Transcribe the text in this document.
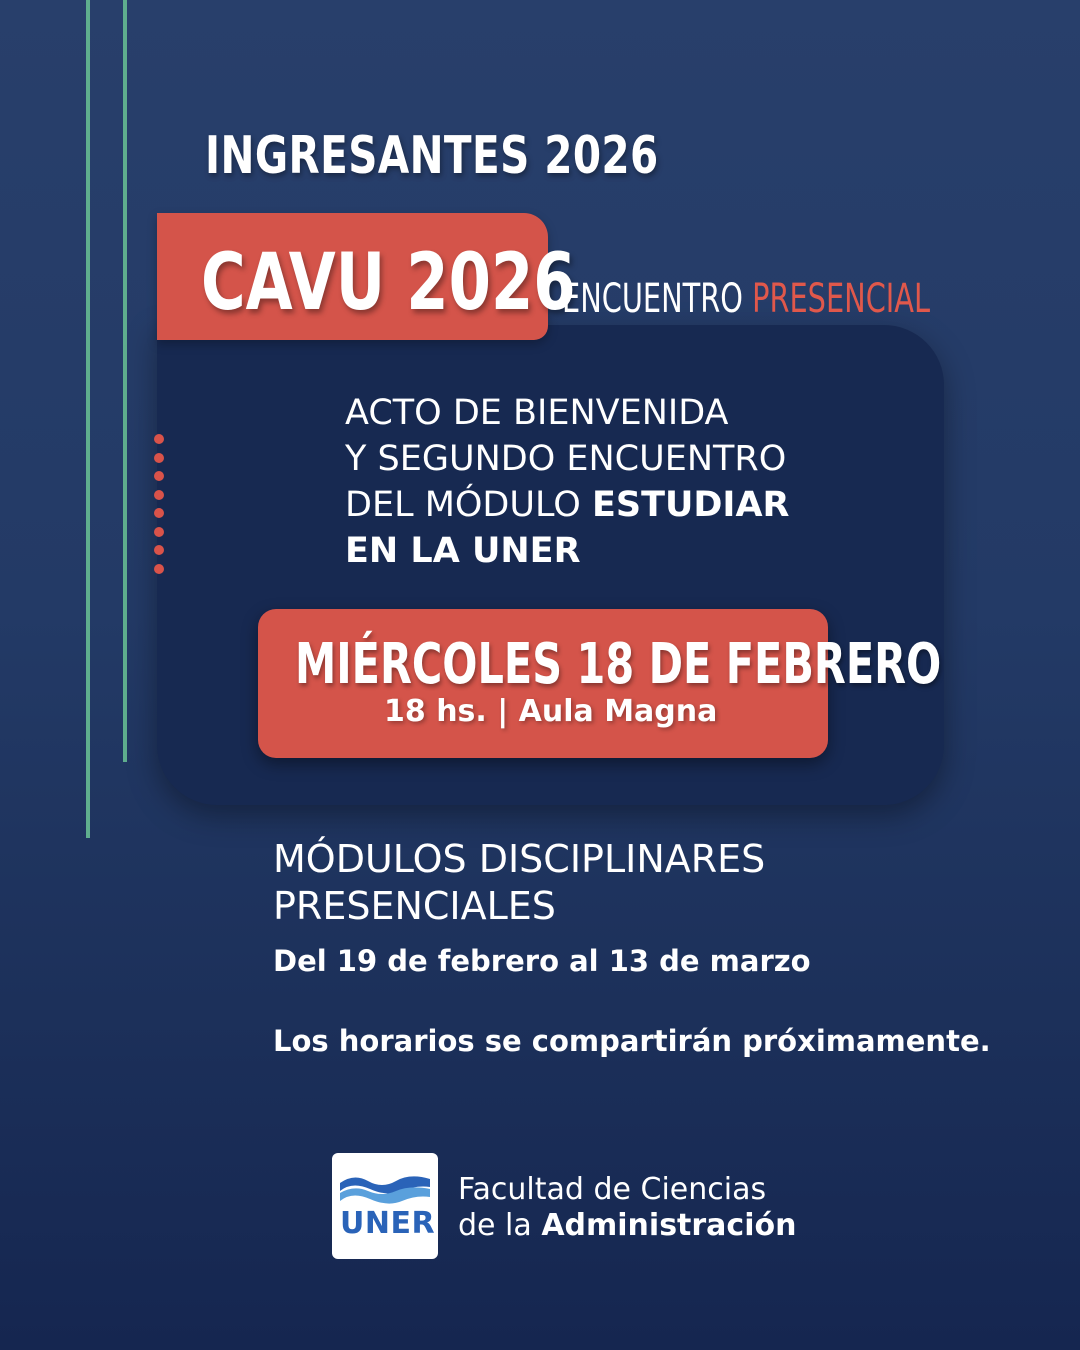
INGRESANTES 2026
CAVU 2026
ENCUENTRO PRESENCIAL
ACTO DE BIENVENIDA
Y SEGUNDO ENCUENTRO
DEL MÓDULO ESTUDIAR
EN LA UNER
MIÉRCOLES 18 DE FEBRERO
18 hs. | Aula Magna
MÓDULOS DISCIPLINARES
PRESENCIALES
Del 19 de febrero al 13 de marzo
Los horarios se compartirán próximamente.
UNER
Facultad de Ciencias
de la Administración
